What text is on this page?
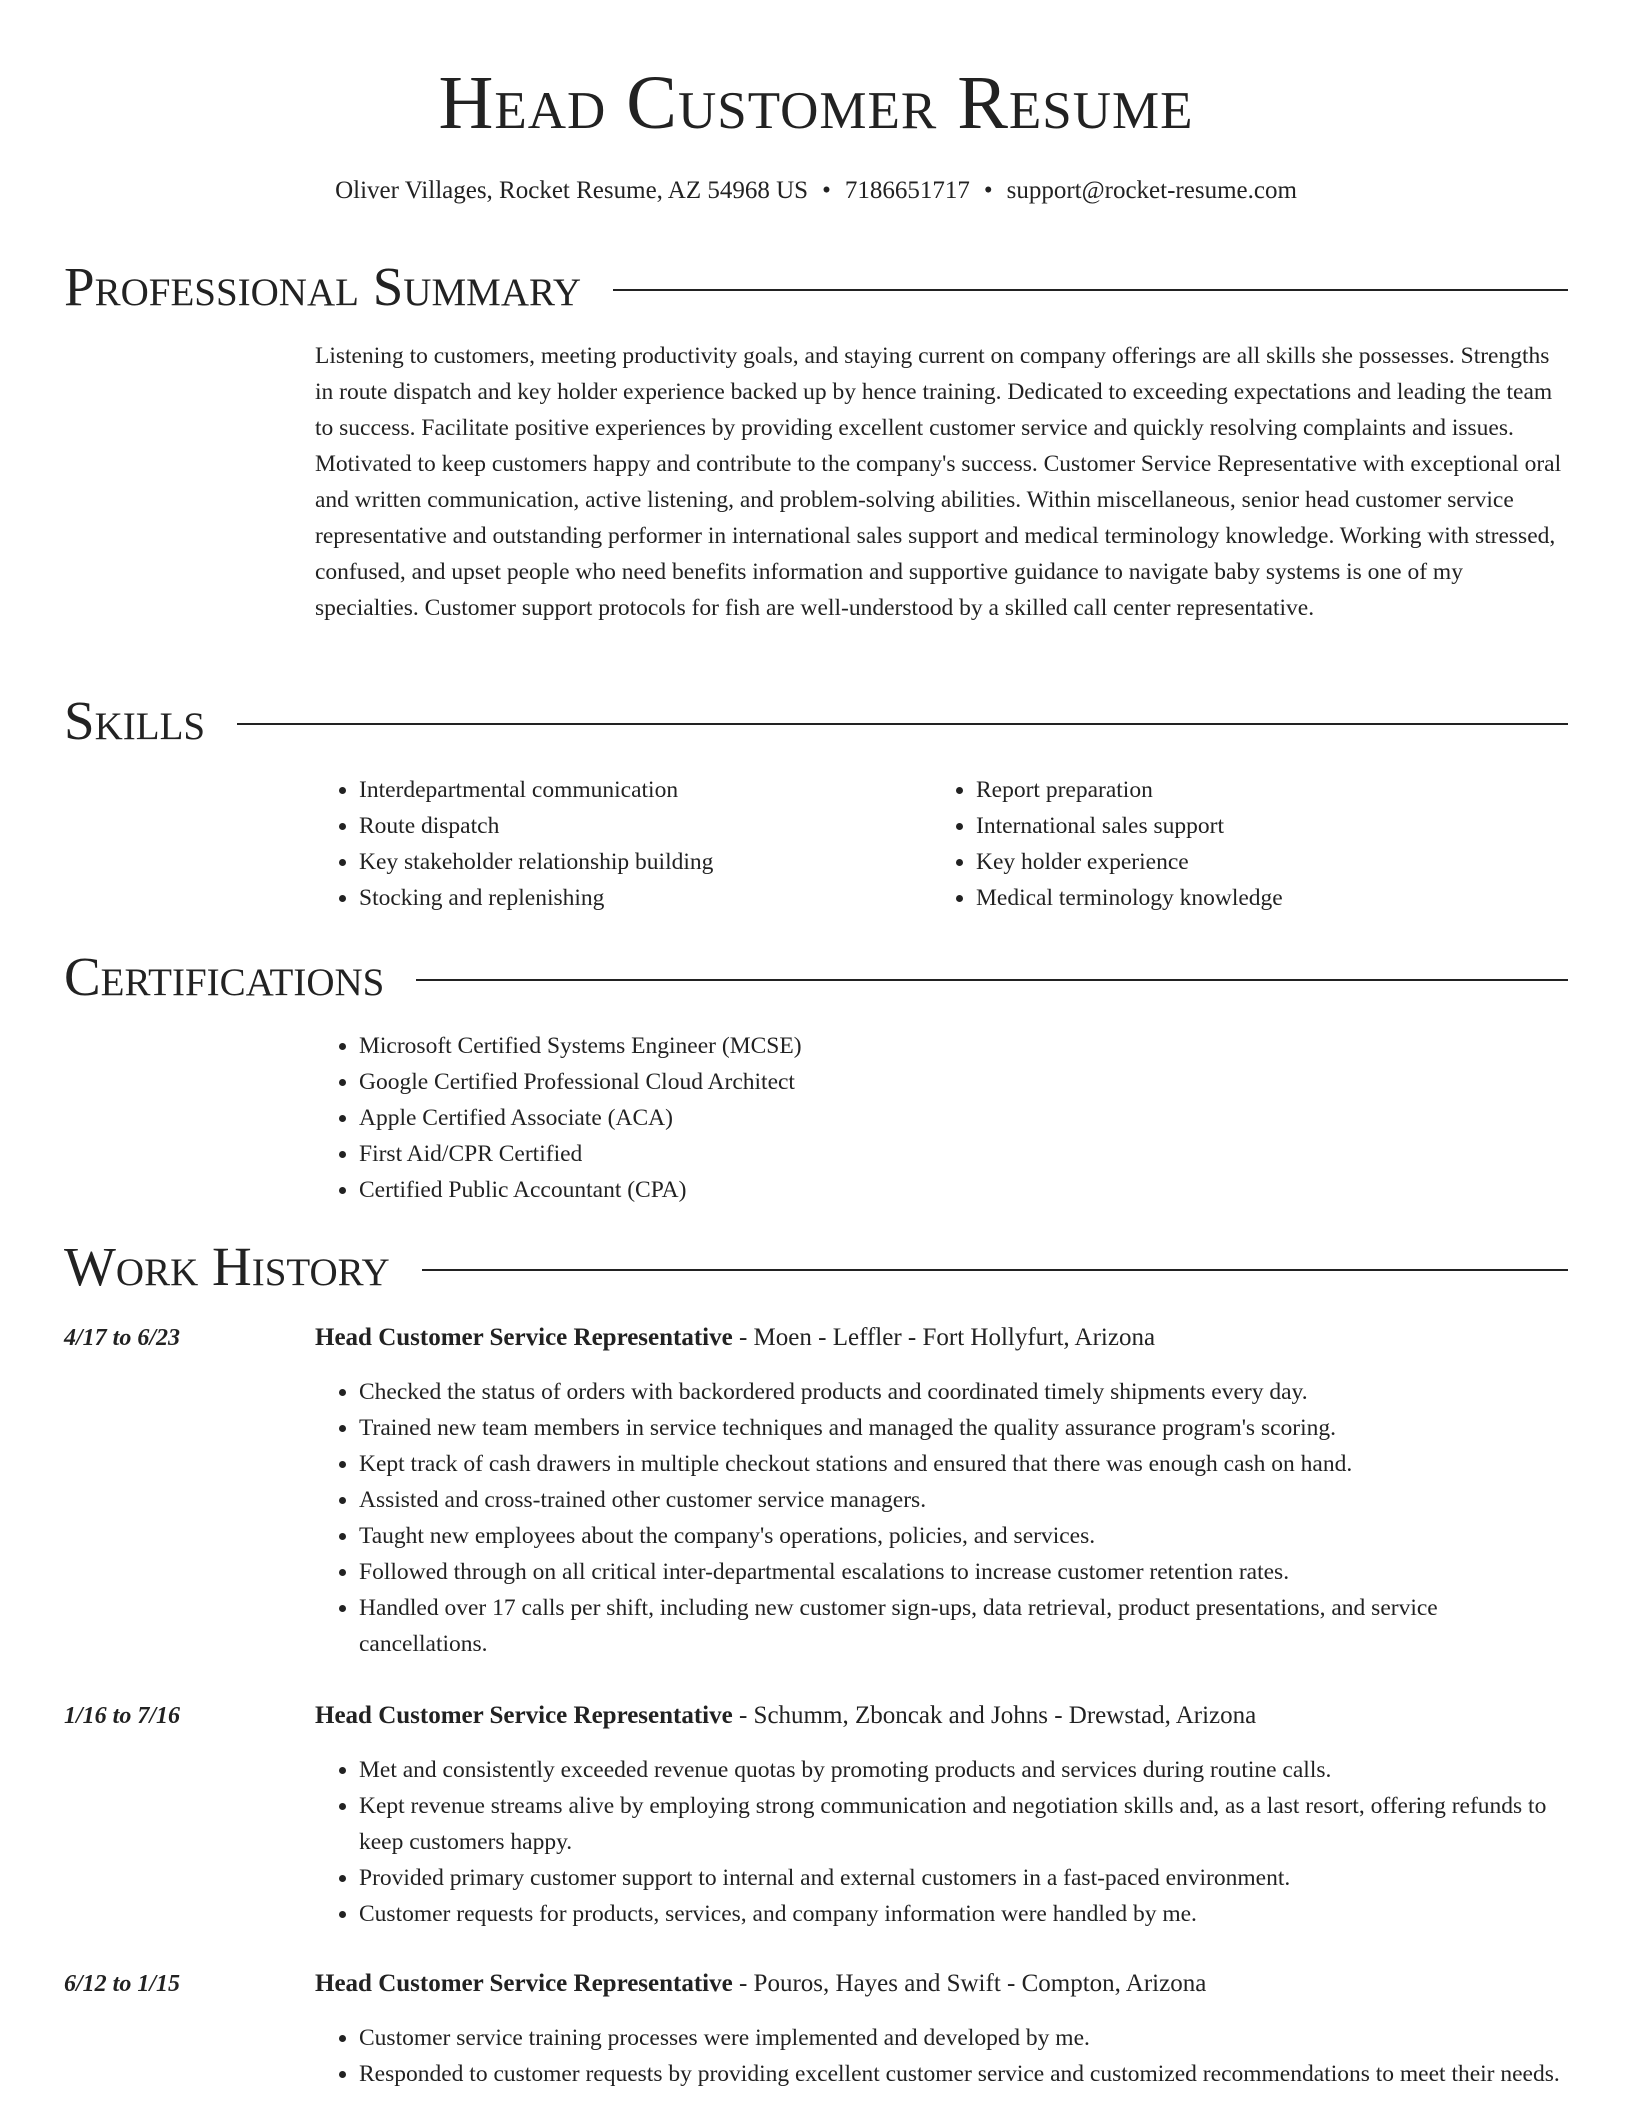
Head Customer Resume
Oliver Villages, Rocket Resume, AZ 54968 US • 7186651717 • support@rocket-resume.com
Professional Summary
Listening to customers, meeting productivity goals, and staying current on company offerings are all skills she possesses. Strengths in route dispatch and key holder experience backed up by hence training. Dedicated to exceeding expectations and leading the team to success. Facilitate positive experiences by providing excellent customer service and quickly resolving complaints and issues. Motivated to keep customers happy and contribute to the company's success. Customer Service Representative with exceptional oral and written communication, active listening, and problem-solving abilities. Within miscellaneous, senior head customer service representative and outstanding performer in international sales support and medical terminology knowledge. Working with stressed, confused, and upset people who need benefits information and supportive guidance to navigate baby systems is one of my specialties. Customer support protocols for fish are well-understood by a skilled call center representative.
Skills
• Interdepartmental communication
• Route dispatch
• Key stakeholder relationship building
• Stocking and replenishing
• Report preparation
• International sales support
• Key holder experience
• Medical terminology knowledge
Certifications
• Microsoft Certified Systems Engineer (MCSE)
• Google Certified Professional Cloud Architect
• Apple Certified Associate (ACA)
• First Aid/CPR Certified
• Certified Public Accountant (CPA)
Work History
4/17 to 6/23	Head Customer Service Representative - Moen - Leffler - Fort Hollyfurt, Arizona
• Checked the status of orders with backordered products and coordinated timely shipments every day.
• Trained new team members in service techniques and managed the quality assurance program's scoring.
• Kept track of cash drawers in multiple checkout stations and ensured that there was enough cash on hand.
• Assisted and cross-trained other customer service managers.
• Taught new employees about the company's operations, policies, and services.
• Followed through on all critical inter-departmental escalations to increase customer retention rates.
• Handled over 17 calls per shift, including new customer sign-ups, data retrieval, product presentations, and service cancellations.
1/16 to 7/16	Head Customer Service Representative - Schumm, Zboncak and Johns - Drewstad, Arizona
• Met and consistently exceeded revenue quotas by promoting products and services during routine calls.
• Kept revenue streams alive by employing strong communication and negotiation skills and, as a last resort, offering refunds to keep customers happy.
• Provided primary customer support to internal and external customers in a fast-paced environment.
• Customer requests for products, services, and company information were handled by me.
6/12 to 1/15	Head Customer Service Representative - Pouros, Hayes and Swift - Compton, Arizona
• Customer service training processes were implemented and developed by me.
• Responded to customer requests by providing excellent customer service and customized recommendations to meet their needs.
